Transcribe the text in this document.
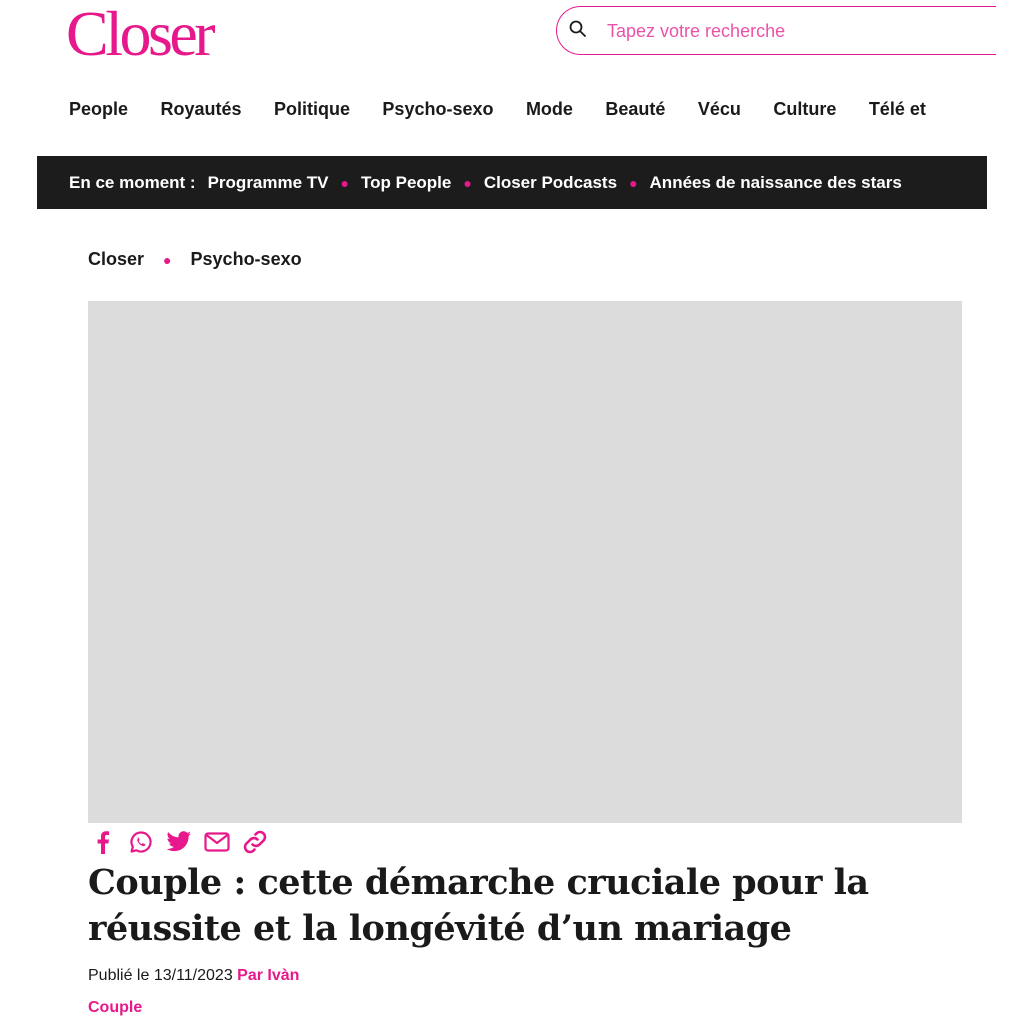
Closer
Tapez votre recherche
People Royautés Politique Psycho-sexo Mode Beauté Vécu Culture Télé et
En ce moment : Programme TV ● Top People ● Closer Podcasts ● Années de naissance des stars
Closer ● Psycho-sexo
Couple : cette démarche cruciale pour la réussite et la longévité d’un mariage
Publié le 13/11/2023 Par Ivàn
Couple
